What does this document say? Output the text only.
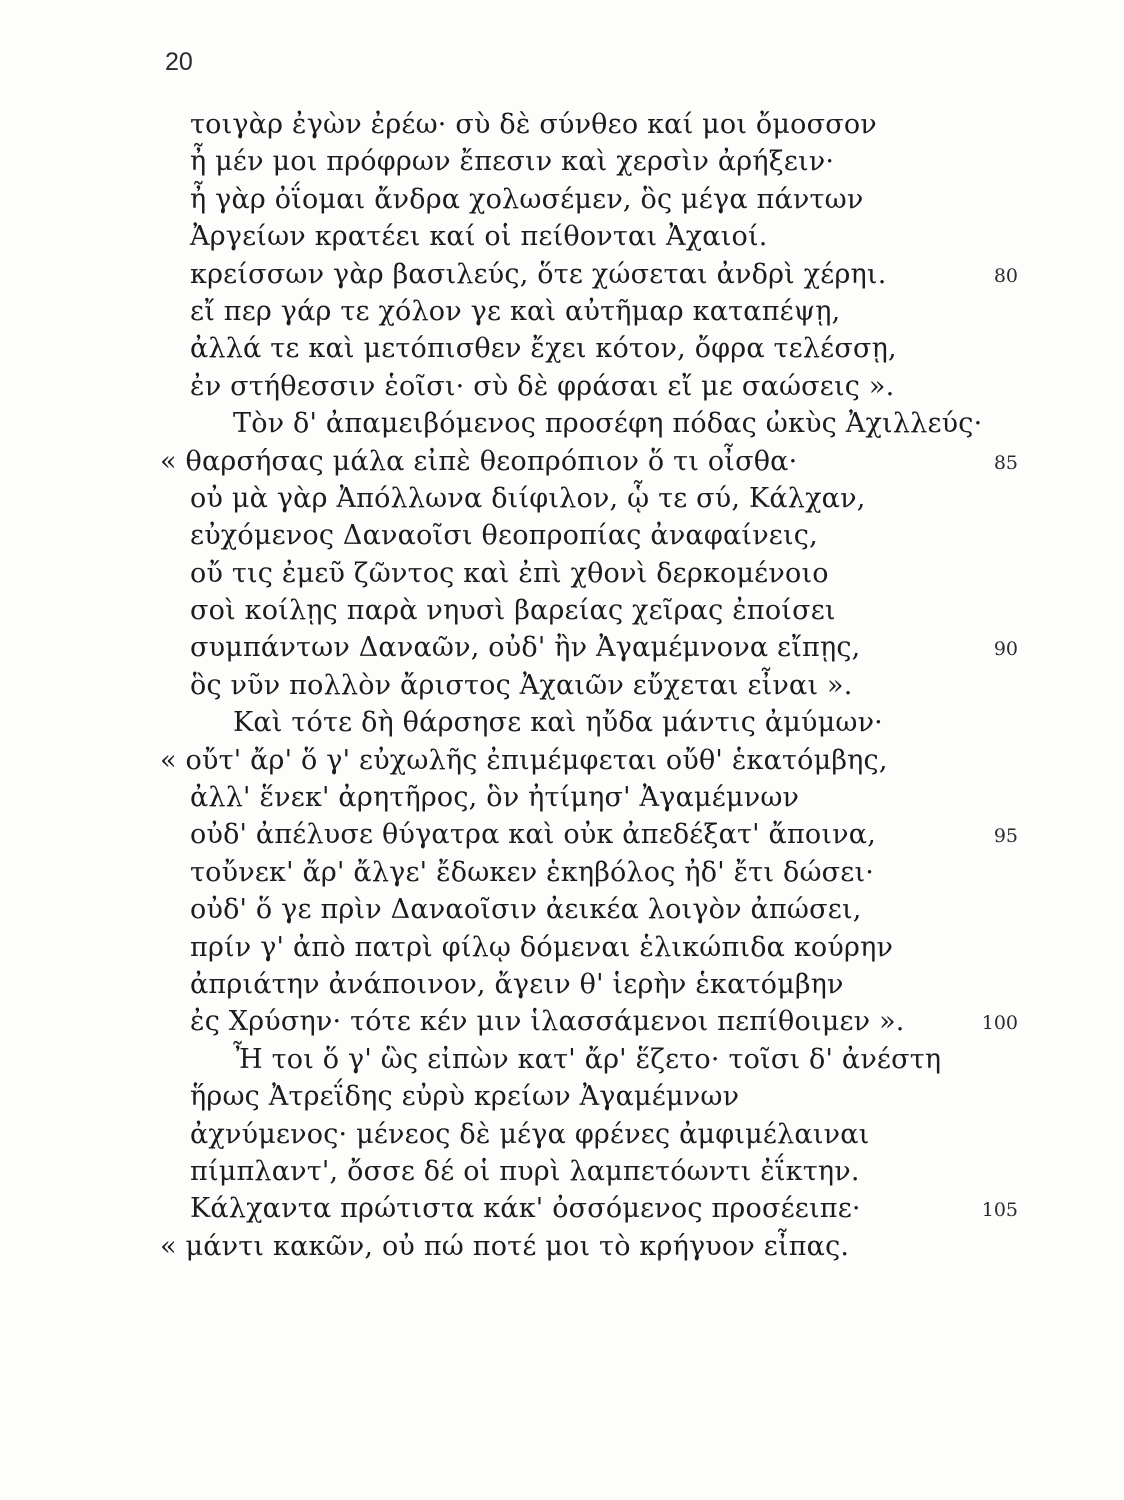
20
τοιγὰρ ἐγὼν ἐρέω· σὺ δὲ σύνθεο καί μοι ὄμοσσον
ἦ μέν μοι πρόφρων ἔπεσιν καὶ χερσὶν ἀρήξειν·
ἦ γὰρ ὀΐομαι ἄνδρα χολωσέμεν, ὃς μέγα πάντων
Ἀργείων κρατέει καί οἱ πείθονται Ἀχαιοί.
κρείσσων γὰρ βασιλεύς, ὅτε χώσεται ἀνδρὶ χέρηι.	80
εἴ περ γάρ τε χόλον γε καὶ αὐτῆμαρ καταπέψῃ,
ἀλλά τε καὶ μετόπισθεν ἔχει κότον, ὄφρα τελέσσῃ,
ἐν στήθεσσιν ἑοῖσι· σὺ δὲ φράσαι εἴ με σαώσεις ».
Τὸν δ' ἀπαμειβόμενος προσέφη πόδας ὠκὺς Ἀχιλλεύς·
« θαρσήσας μάλα εἰπὲ θεοπρόπιον ὅ τι οἶσθα·	85
οὐ μὰ γὰρ Ἀπόλλωνα διίφιλον, ᾧ τε σύ, Κάλχαν,
εὐχόμενος Δαναοῖσι θεοπροπίας ἀναφαίνεις,
οὔ τις ἐμεῦ ζῶντος καὶ ἐπὶ χθονὶ δερκομένοιο
σοὶ κοίλῃς παρὰ νηυσὶ βαρείας χεῖρας ἐποίσει
συμπάντων Δαναῶν, οὐδ' ἢν Ἀγαμέμνονα εἴπῃς,	90
ὃς νῦν πολλὸν ἄριστος Ἀχαιῶν εὔχεται εἶναι ».
Καὶ τότε δὴ θάρσησε καὶ ηὔδα μάντις ἀμύμων·
« οὔτ' ἄρ' ὅ γ' εὐχωλῆς ἐπιμέμφεται οὔθ' ἑκατόμβης,
ἀλλ' ἕνεκ' ἀρητῆρος, ὃν ἠτίμησ' Ἀγαμέμνων
οὐδ' ἀπέλυσε θύγατρα καὶ οὐκ ἀπεδέξατ' ἄποινα,	95
τοὔνεκ' ἄρ' ἄλγε' ἔδωκεν ἑκηβόλος ἠδ' ἔτι δώσει·
οὐδ' ὅ γε πρὶν Δαναοῖσιν ἀεικέα λοιγὸν ἀπώσει,
πρίν γ' ἀπὸ πατρὶ φίλῳ δόμεναι ἑλικώπιδα κούρην
ἀπριάτην ἀνάποινον, ἄγειν θ' ἱερὴν ἑκατόμβην
ἐς Χρύσην· τότε κέν μιν ἱλασσάμενοι πεπίθοιμεν ».	100
Ἦ τοι ὅ γ' ὣς εἰπὼν κατ' ἄρ' ἕζετο· τοῖσι δ' ἀνέστη
ἥρως Ἀτρεΐδης εὐρὺ κρείων Ἀγαμέμνων
ἀχνύμενος· μένεος δὲ μέγα φρένες ἀμφιμέλαιναι
πίμπλαντ', ὄσσε δέ οἱ πυρὶ λαμπετόωντι ἐΐκτην.
Κάλχαντα πρώτιστα κάκ' ὀσσόμενος προσέειπε·	105
« μάντι κακῶν, οὐ πώ ποτέ μοι τὸ κρήγυον εἶπας.
